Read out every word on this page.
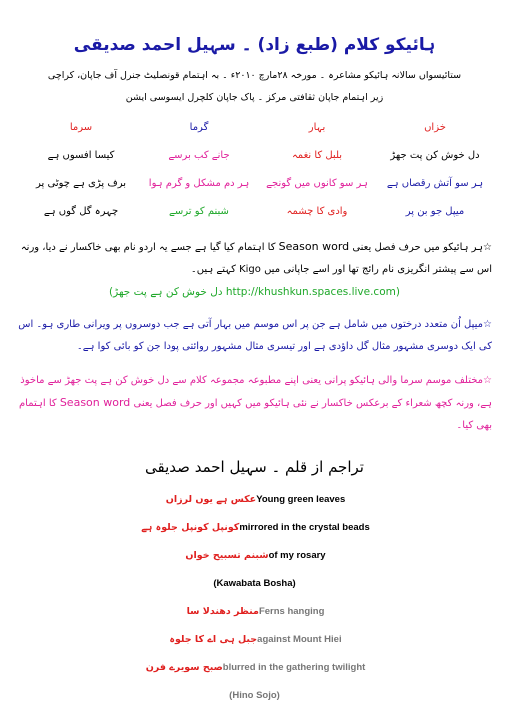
ہائیکو کلام (طبع زاد) ۔ سہیل احمد صدیقی
ستائیسواں سالانہ ہائیکو مشاعرہ ۔ مورخہ ۲۸مارچ ۲۰۱۰ء ۔ بہ اہتمام قونصلیٹ جنرل آف جاپان، کراچی
زیر اہتمام جاپان ثقافتی مرکز ۔ پاک جاپان کلچرل ایسوسی ایشن
خزاں
بہار
گرما
سرما
دل خوش کن پت جھڑ
بلبل کا نغمہ
جانے کب برسے
کیسا افسوں ہے
ہر سو آتش رقصاں ہے
ہر سو کانوں میں گونجے
ہر دم مشکل و گرم ہوا
برف پڑی ہے چوٹی پر
میپل جو بن پر
وادی کا چشمہ
شبنم کو ترسے
چہرہ گل گوں ہے
☆ہر ہائیکو میں حرف فصل یعنی Season word کا اہتمام کیا گیا ہے جسے یہ اردو نام بھی خاکسار نے دیا، ورنہ اس سے پیشتر انگریزی نام رائج تھا اور اسے جاپانی میں Kigo کہتے ہیں۔
(دل خوش کن ہے پت جھڑ http://khushkun.spaces.live.com)
☆میپل اُن متعدد درختوں میں شامل ہے جن پر اس موسم میں بہار آتی ہے جب دوسروں پر ویرانی طاری ہو۔ اس کی ایک دوسری مشہور مثال گل داؤدی ہے اور تیسری مثال مشہور روائتی پودا جن کو بائی کوا ہے۔
☆مختلف موسم سرما والی ہائیکو پرانی یعنی اپنے مطبوعہ مجموعہ کلام سے دل خوش کن ہے پت جھڑ سے ماخوذ ہے، ورنہ کچھ شعراء کے برعکس خاکسار نے نئی ہائیکو میں کہیں اور حرف فصل یعنی Season word کا اہتمام بھی کیا۔
تراجم از قلم ۔ سہیل احمد صدیقی
Young green leavesعکس ہے یوں لرزاں
mirrored in the crystal beadsکونپل کونپل جلوہ ہے
of my rosaryشبنم تسبیح خواں
(Kawabata Bosha)
Ferns hangingمنظر دھندلا سا
against Mount Hieiجبل ہی اے کا جلوہ
blurred in the gathering twilightصبح سویرے فرن
(Hino Sojo)
